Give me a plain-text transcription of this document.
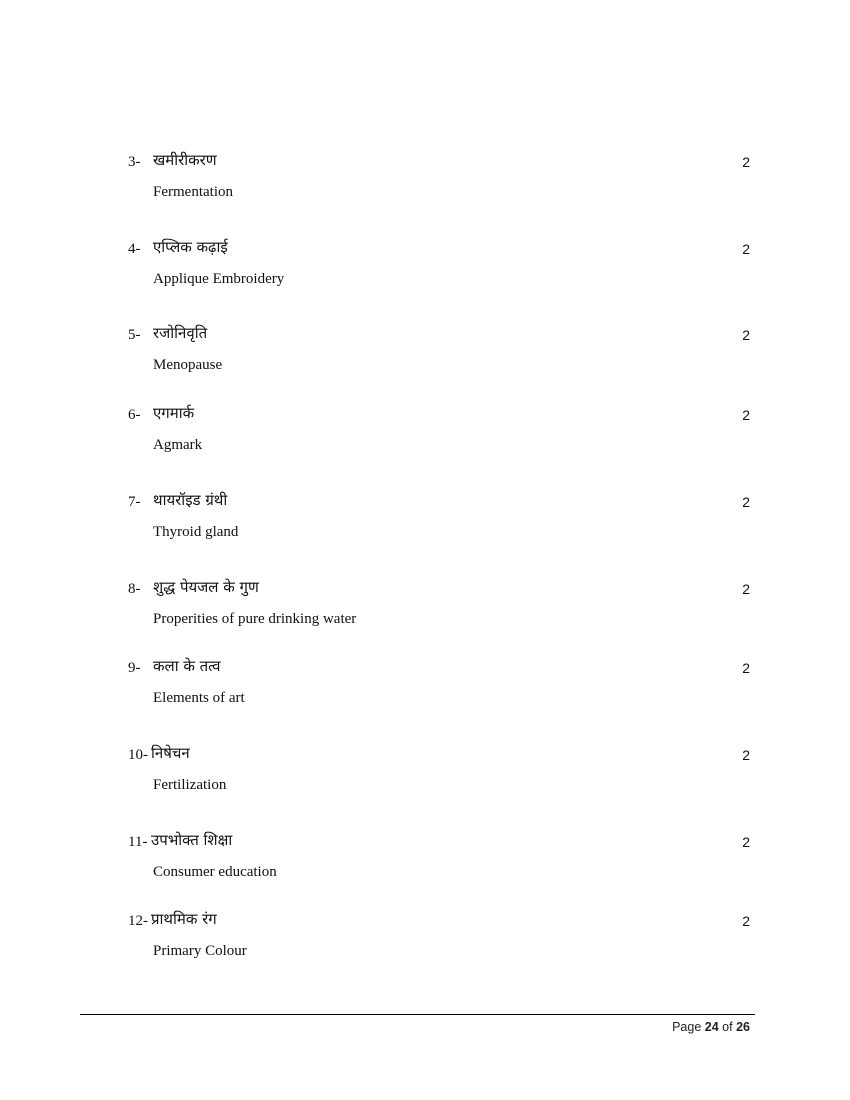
3- खमीरीकरण	2
Fermentation
4- एप्लिक कढ़ाई	2
Applique Embroidery
5- रजोनिवृति	2
Menopause
6- एगमार्क	2
Agmark
7- थायरॉइड ग्रंथी	2
Thyroid gland
8- शुद्ध पेयजल के गुण	2
Properities of pure drinking water
9- कला के तत्व	2
Elements of art
10- निषेचन	2
Fertilization
11- उपभोक्त शिक्षा	2
Consumer education
12- प्राथमिक रंग	2
Primary Colour
Page 24 of 26
